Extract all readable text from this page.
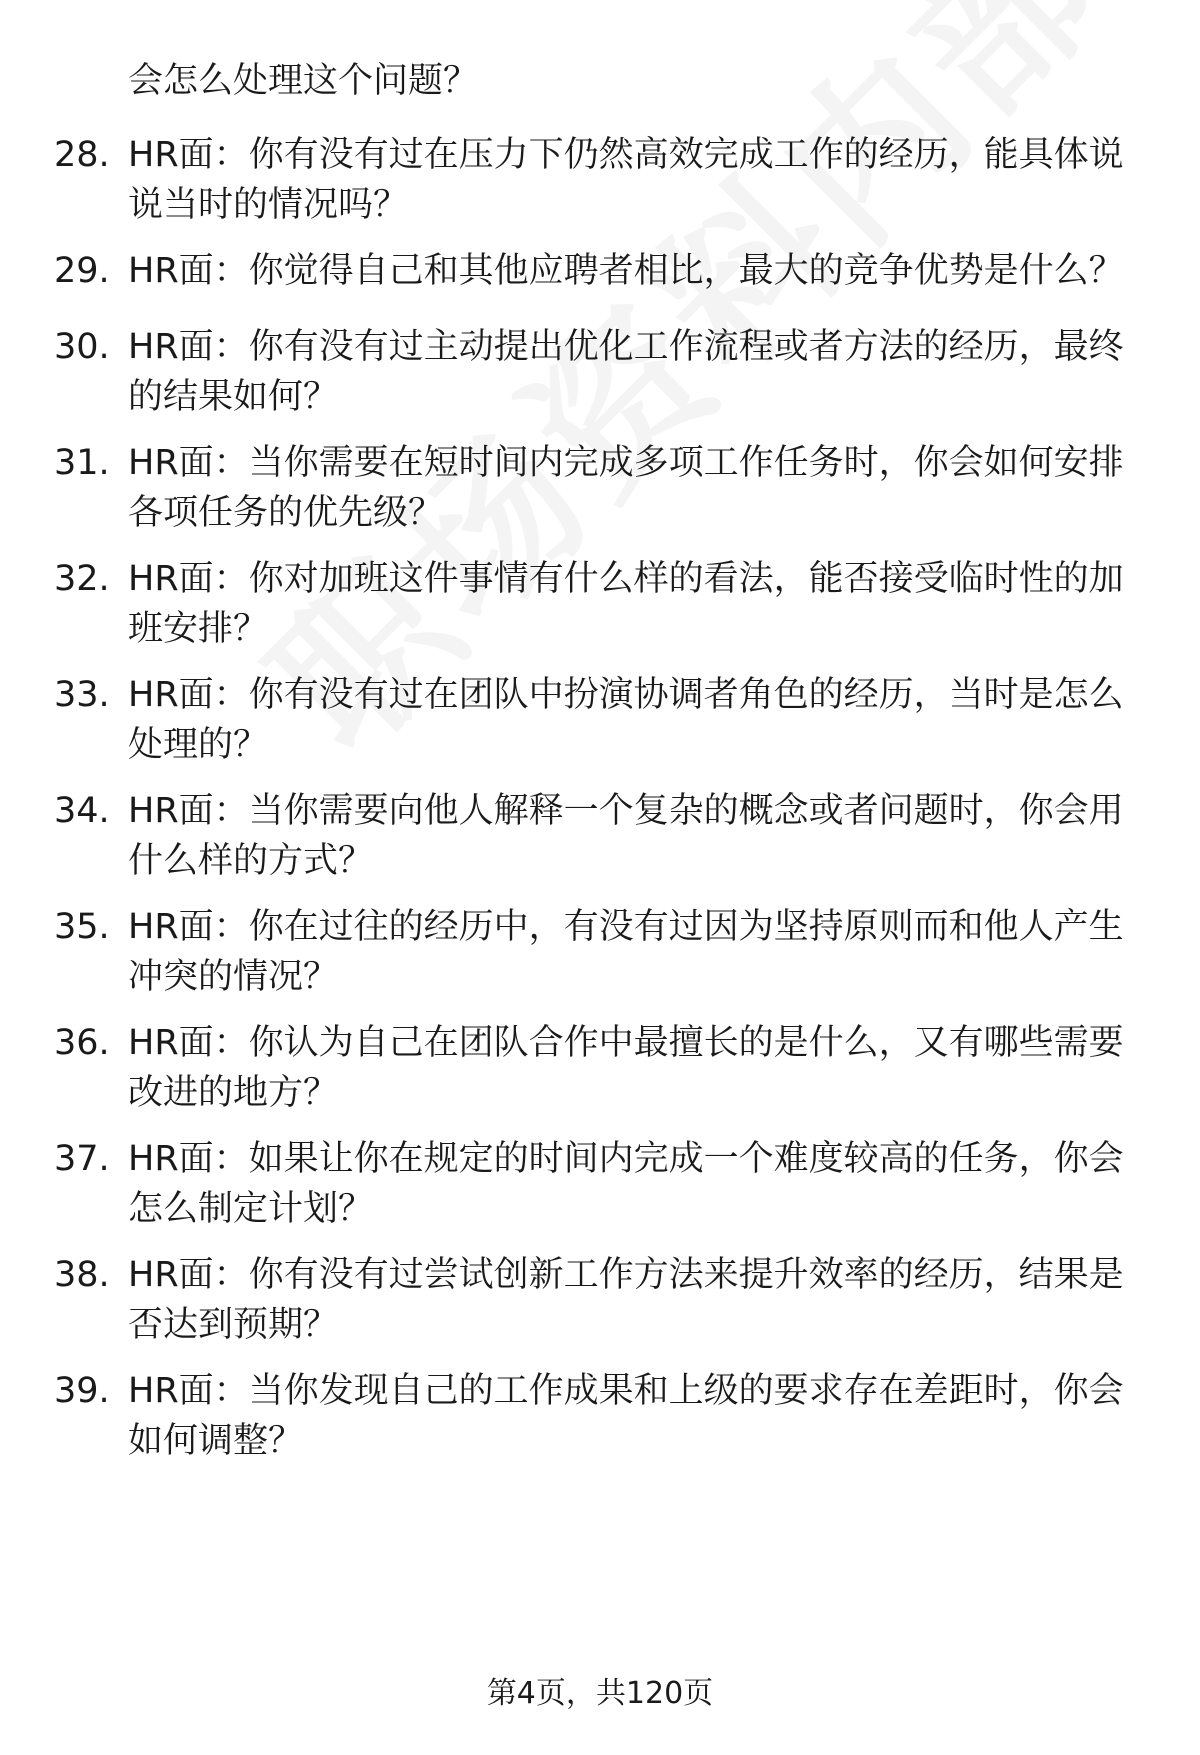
会怎么处理这个问题？
28. HR面：你有没有过在压力下仍然高效完成工作的经历，能具体说
说当时的情况吗？
29. HR面：你觉得自己和其他应聘者相比，最大的竞争优势是什么？
30. HR面：你有没有过主动提出优化工作流程或者方法的经历，最终
的结果如何？
31. HR面：当你需要在短时间内完成多项工作任务时，你会如何安排
各项任务的优先级？
32. HR面：你对加班这件事情有什么样的看法，能否接受临时性的加
班安排？
33. HR面：你有没有过在团队中扮演协调者角色的经历，当时是怎么
处理的？
34. HR面：当你需要向他人解释一个复杂的概念或者问题时，你会用
什么样的方式？
35. HR面：你在过往的经历中，有没有过因为坚持原则而和他人产生
冲突的情况？
36. HR面：你认为自己在团队合作中最擅长的是什么，又有哪些需要
改进的地方？
37. HR面：如果让你在规定的时间内完成一个难度较高的任务，你会
怎么制定计划？
38. HR面：你有没有过尝试创新工作方法来提升效率的经历，结果是
否达到预期？
39. HR面：当你发现自己的工作成果和上级的要求存在差距时，你会
如何调整？
第4页，共120页
